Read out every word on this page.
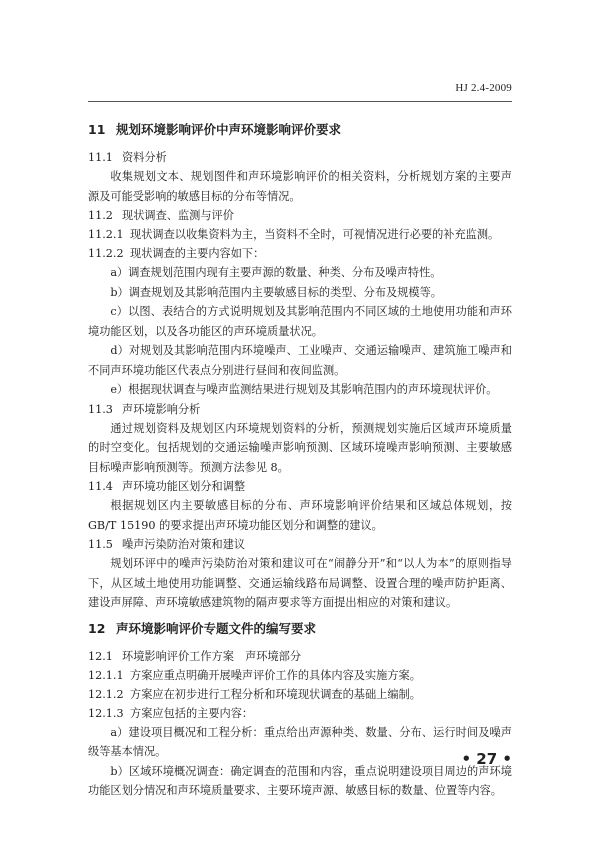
HJ 2.4-2009
11 规划环境影响评价中声环境影响评价要求
11.1 资料分析
收集规划文本、规划图件和声环境影响评价的相关资料，分析规划方案的主要声源及可能受影响的敏感目标的分布等情况。
11.2 现状调查、监测与评价
11.2.1 现状调查以收集资料为主，当资料不全时，可视情况进行必要的补充监测。
11.2.2 现状调查的主要内容如下：
a）调查规划范围内现有主要声源的数量、种类、分布及噪声特性。
b）调查规划及其影响范围内主要敏感目标的类型、分布及规模等。
c）以图、表结合的方式说明规划及其影响范围内不同区域的土地使用功能和声环境功能区划，以及各功能区的声环境质量状况。
d）对规划及其影响范围内环境噪声、工业噪声、交通运输噪声、建筑施工噪声和不同声环境功能区代表点分别进行昼间和夜间监测。
e）根据现状调查与噪声监测结果进行规划及其影响范围内的声环境现状评价。
11.3 声环境影响分析
通过规划资料及规划区内环境规划资料的分析，预测规划实施后区域声环境质量的时空变化。包括规划的交通运输噪声影响预测、区域环境噪声影响预测、主要敏感目标噪声影响预测等。预测方法参见 8。
11.4 声环境功能区划分和调整
根据规划区内主要敏感目标的分布、声环境影响评价结果和区域总体规划，按 GB/T 15190 的要求提出声环境功能区划分和调整的建议。
11.5 噪声污染防治对策和建议
规划环评中的噪声污染防治对策和建议可在“闹静分开”和“以人为本”的原则指导下，从区域土地使用功能调整、交通运输线路布局调整、设置合理的噪声防护距离、建设声屏障、声环境敏感建筑物的隔声要求等方面提出相应的对策和建议。
12 声环境影响评价专题文件的编写要求
12.1 环境影响评价工作方案　声环境部分
12.1.1 方案应重点明确开展噪声评价工作的具体内容及实施方案。
12.1.2 方案应在初步进行工程分析和环境现状调查的基础上编制。
12.1.3 方案应包括的主要内容：
a）建设项目概况和工程分析：重点给出声源种类、数量、分布、运行时间及噪声级等基本情况。
b）区域环境概况调查：确定调查的范围和内容，重点说明建设项目周边的声环境功能区划分情况和声环境质量要求、主要环境声源、敏感目标的数量、位置等内容。
• 27 •
